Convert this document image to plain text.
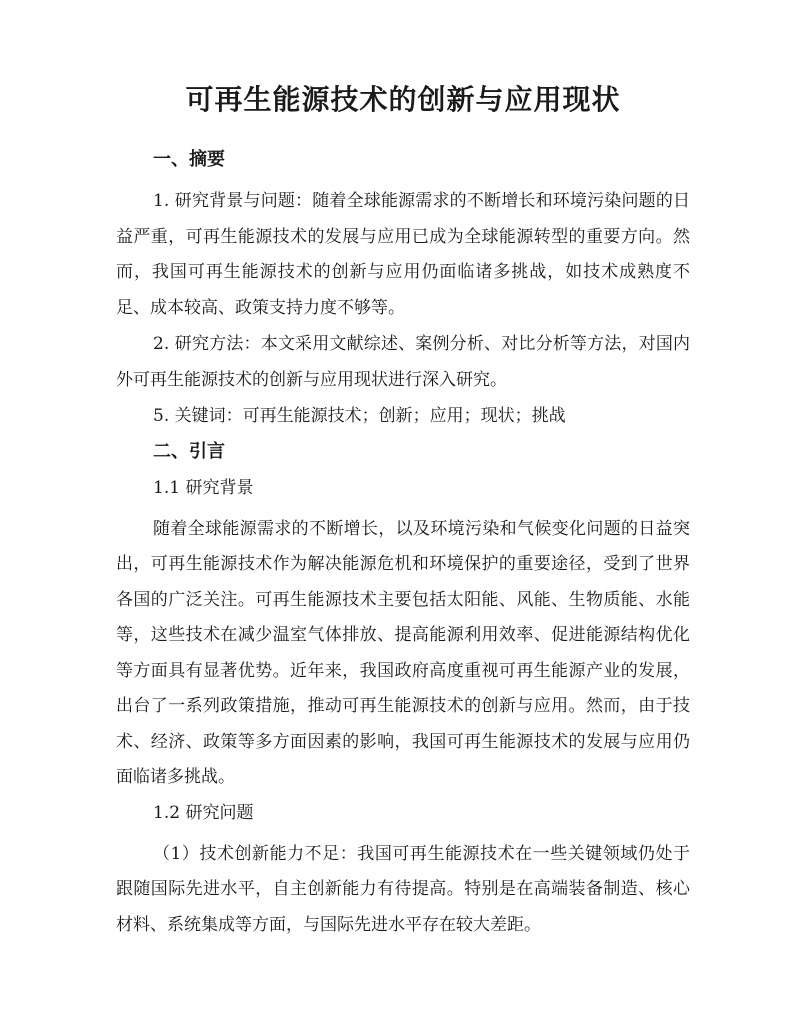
可再生能源技术的创新与应用现状
一、摘要

1. 研究背景与问题：随着全球能源需求的不断增长和环境污染问题的日益严重，可再生能源技术的发展与应用已成为全球能源转型的重要方向。然而，我国可再生能源技术的创新与应用仍面临诸多挑战，如技术成熟度不足、成本较高、政策支持力度不够等。

2. 研究方法：本文采用文献综述、案例分析、对比分析等方法，对国内外可再生能源技术的创新与应用现状进行深入研究。

5. 关键词：可再生能源技术；创新；应用；现状；挑战

二、引言
1.1 研究背景

随着全球能源需求的不断增长，以及环境污染和气候变化问题的日益突出，可再生能源技术作为解决能源危机和环境保护的重要途径，受到了世界各国的广泛关注。可再生能源技术主要包括太阳能、风能、生物质能、水能等，这些技术在减少温室气体排放、提高能源利用效率、促进能源结构优化等方面具有显著优势。近年来，我国政府高度重视可再生能源产业的发展，出台了一系列政策措施，推动可再生能源技术的创新与应用。然而，由于技术、经济、政策等多方面因素的影响，我国可再生能源技术的发展与应用仍面临诸多挑战。

1.2 研究问题

（1）技术创新能力不足：我国可再生能源技术在一些关键领域仍处于跟随国际先进水平，自主创新能力有待提高。特别是在高端装备制造、核心材料、系统集成等方面，与国际先进水平存在较大差距。
